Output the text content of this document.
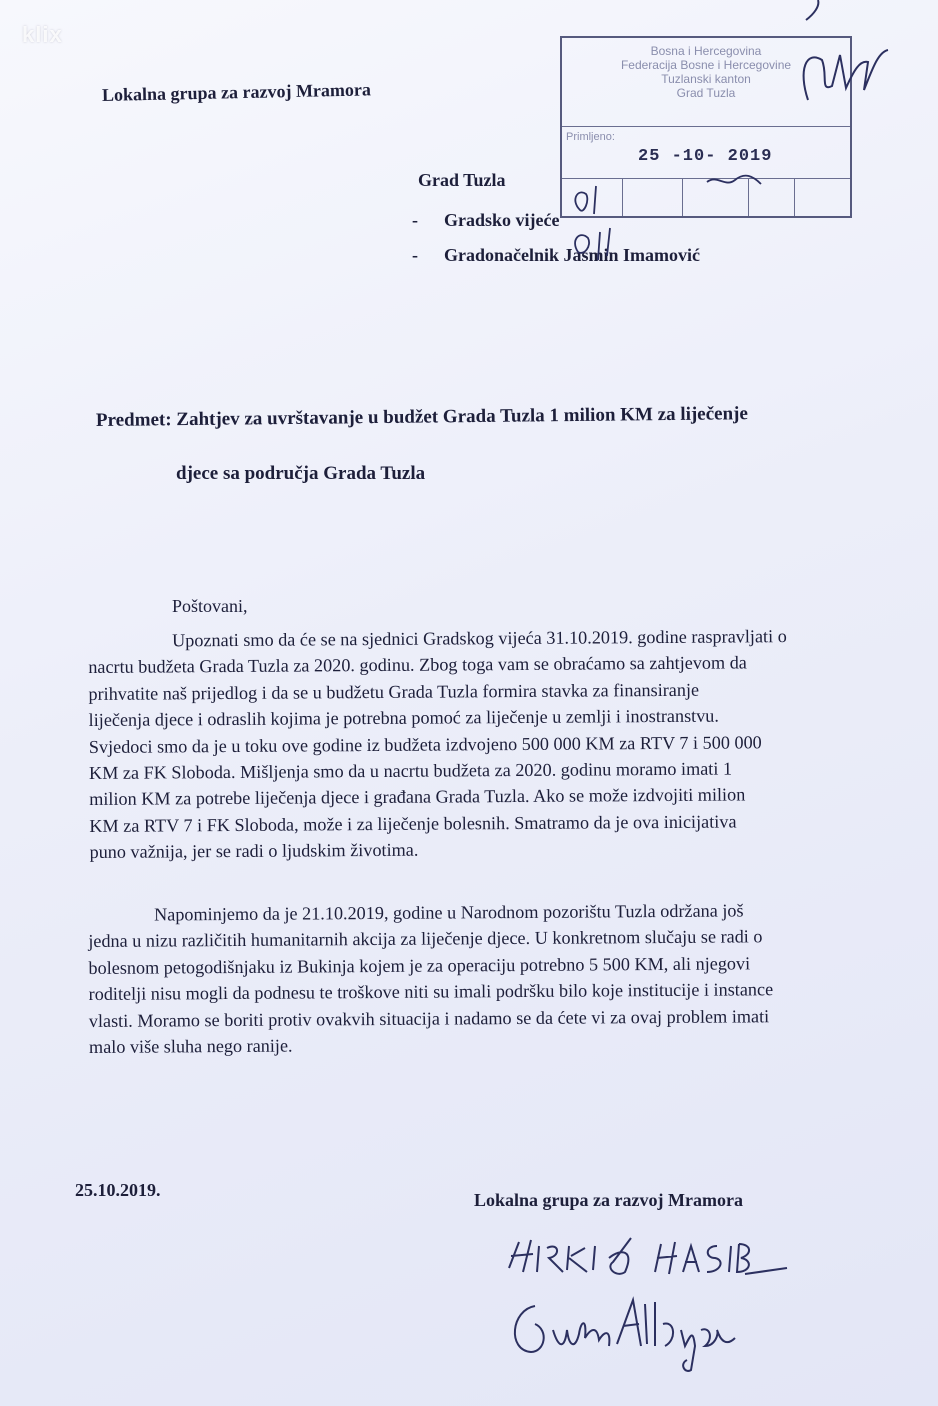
klix
Lokalna grupa za razvoj Mramora
Bosna i Hercegovina
Federacija Bosne i Hercegovine
Tuzlanski kanton
Grad Tuzla
Primljeno:
25 -10- 2019
Grad Tuzla
- Gradsko vijeće
- Gradonačelnik Jasmin Imamović
Predmet: Zahtjev za uvrštavanje u budžet Grada Tuzla 1 milion KM za liječenje
djece sa područja Grada Tuzla
Poštovani,
Upoznati smo da će se na sjednici Gradskog vijeća 31.10.2019. godine raspravljati o
nacrtu budžeta Grada Tuzla za 2020. godinu. Zbog toga vam se obraćamo sa zahtjevom da
prihvatite naš prijedlog i da se u budžetu Grada Tuzla formira stavka za finansiranje
liječenja djece i odraslih kojima je potrebna pomoć za liječenje u zemlji i inostranstvu.
Svjedoci smo da je u toku ove godine iz budžeta izdvojeno 500 000 KM za RTV 7 i 500 000
KM za FK Sloboda. Mišljenja smo da u nacrtu budžeta za 2020. godinu moramo imati 1
milion KM za potrebe liječenja djece i građana Grada Tuzla. Ako se može izdvojiti milion
KM za RTV 7 i FK Sloboda, može i za liječenje bolesnih. Smatramo da je ova inicijativa
puno važnija, jer se radi o ljudskim životima.
Napominjemo da je 21.10.2019, godine u Narodnom pozorištu Tuzla održana još
jedna u nizu različitih humanitarnih akcija za liječenje djece. U konkretnom slučaju se radi o
bolesnom petogodišnjaku iz Bukinja kojem je za operaciju potrebno 5 500 KM, ali njegovi
roditelji nisu mogli da podnesu te troškove niti su imali podršku bilo koje institucije i instance
vlasti. Moramo se boriti protiv ovakvih situacija i nadamo se da ćete vi za ovaj problem imati
malo više sluha nego ranije.
25.10.2019.	Lokalna grupa za razvoj Mramora
